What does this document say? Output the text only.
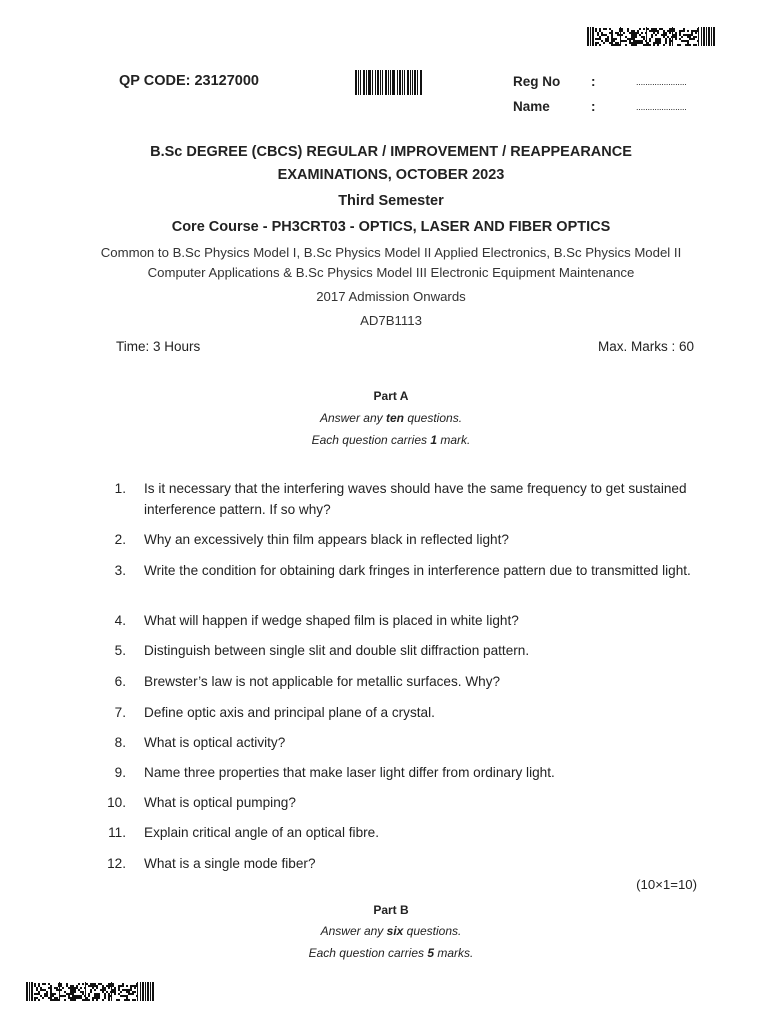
QP CODE: 23127000	Reg No :	......................
Name	:	......................
B.Sc DEGREE (CBCS) REGULAR / IMPROVEMENT / REAPPEARANCE
EXAMINATIONS, OCTOBER 2023
Third Semester
Core Course - PH3CRT03 - OPTICS, LASER AND FIBER OPTICS
Common to B.Sc Physics Model I, B.Sc Physics Model II Applied Electronics, B.Sc Physics Model II
Computer Applications & B.Sc Physics Model III Electronic Equipment Maintenance
2017 Admission Onwards
AD7B1113
Time: 3 Hours	Max. Marks : 60
Part A
Answer any ten questions.
Each question carries 1 mark.
1. Is it necessary that the interfering waves should have the same frequency to get sustained interference pattern. If so why?
2. Why an excessively thin film appears black in reflected light?
3. Write the condition for obtaining dark fringes in interference pattern due to transmitted light.
4. What will happen if wedge shaped film is placed in white light?
5. Distinguish between single slit and double slit diffraction pattern.
6. Brewster’s law is not applicable for metallic surfaces. Why?
7. Define optic axis and principal plane of a crystal.
8. What is optical activity?
9. Name three properties that make laser light differ from ordinary light.
10. What is optical pumping?
11. Explain critical angle of an optical fibre.
12. What is a single mode fiber?
(10×1=10)
Part B
Answer any six questions.
Each question carries 5 marks.
